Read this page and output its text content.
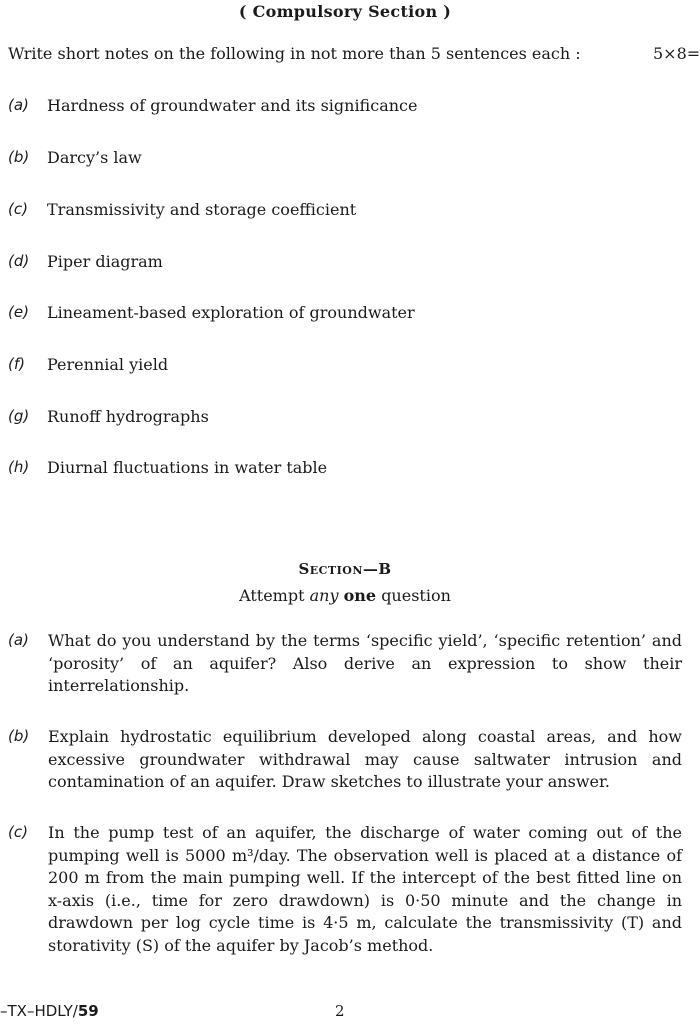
( Compulsory Section )
Write short notes on the following in not more than 5 sentences each :	5×8=
(a) Hardness of groundwater and its significance
(b) Darcy’s law
(c) Transmissivity and storage coefficient
(d) Piper diagram
(e) Lineament-based exploration of groundwater
(f) Perennial yield
(g) Runoff hydrographs
(h) Diurnal fluctuations in water table
Section—B
Attempt any one question
(a) What do you understand by the terms ‘specific yield’, ‘specific retention’ and ‘porosity’ of an aquifer? Also derive an expression to show their interrelationship.
(b) Explain hydrostatic equilibrium developed along coastal areas, and how excessive groundwater withdrawal may cause saltwater intrusion and contamination of an aquifer. Draw sketches to illustrate your answer.
(c) In the pump test of an aquifer, the discharge of water coming out of the pumping well is 5000 m³/day. The observation well is placed at a distance of 200 m from the main pumping well. If the intercept of the best fitted line on x-axis (i.e., time for zero drawdown) is 0·50 minute and the change in drawdown per log cycle time is 4·5 m, calculate the transmissivity (T) and storativity (S) of the aquifer by Jacob’s method.
–TX–HDLY/59	2
